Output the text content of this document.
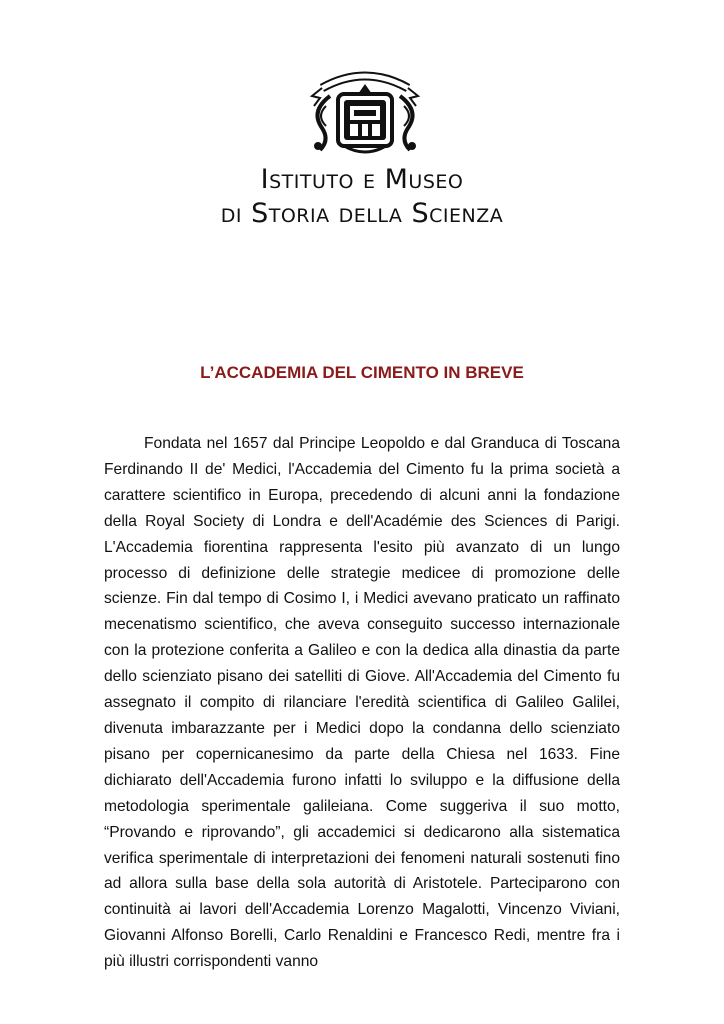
Istituto e Museo
di Storia della Scienza
L’ACCADEMIA DEL CIMENTO IN BREVE

Fondata nel 1657 dal Principe Leopoldo e dal Granduca di Toscana Ferdinando II de' Medici, l'Accademia del Cimento fu la prima società a carattere scientifico in Europa, precedendo di alcuni anni la fondazione della Royal Society di Londra e dell'Académie des Sciences di Parigi. L'Accademia fiorentina rappresenta l'esito più avanzato di un lungo processo di definizione delle strategie medicee di promozione delle scienze. Fin dal tempo di Cosimo I, i Medici avevano praticato un raffinato mecenatismo scientifico, che aveva conseguito successo internazionale con la protezione conferita a Galileo e con la dedica alla dinastia da parte dello scienziato pisano dei satelliti di Giove. All'Accademia del Cimento fu assegnato il compito di rilanciare l'eredità scientifica di Galileo Galilei, divenuta imbarazzante per i Medici dopo la condanna dello scienziato pisano per copernicanesimo da parte della Chiesa nel 1633. Fine dichiarato dell'Accademia furono infatti lo sviluppo e la diffusione della metodologia sperimentale galileiana. Come suggeriva il suo motto, “Provando e riprovando”, gli accademici si dedicarono alla sistematica verifica sperimentale di interpretazioni dei fenomeni naturali sostenuti fino ad allora sulla base della sola autorità di Aristotele. Parteciparono con continuità ai lavori dell'Accademia Lorenzo Magalotti, Vincenzo Viviani, Giovanni Alfonso Borelli, Carlo Renaldini e Francesco Redi, mentre fra i più illustri corrispondenti vanno
